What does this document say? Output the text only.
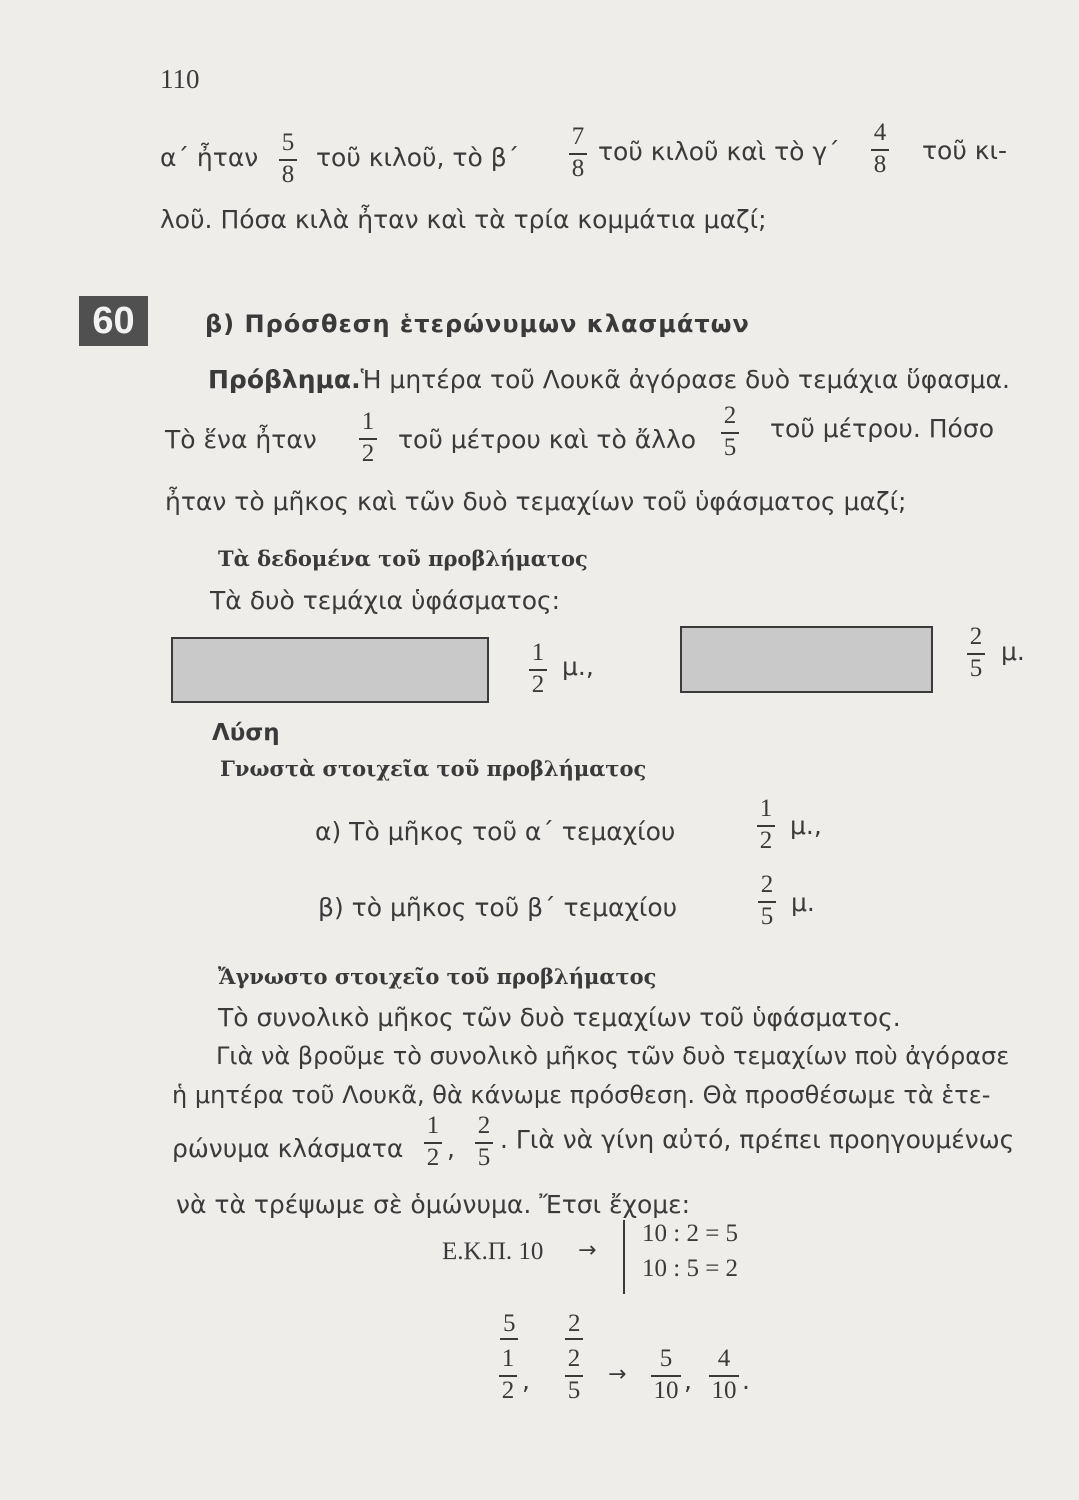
110
α΄ ἦταν
5
8
τοῦ κιλοῦ, τὸ β΄
7
8
τοῦ κιλοῦ καὶ τὸ γ΄
4
8 τοῦ κι-
λοῦ. Πόσα κιλὰ ἦταν καὶ τὰ τρία κομμάτια μαζί;
60	β) Πρόσθεση ἑτερώνυμων κλασμάτων
Πρόβλημα.Ἡ μητέρα τοῦ Λουκᾶ ἀγόρασε δυὸ τεμάχια ὕφασμα.
Τὸ ἕνα ἦταν
1
2 τοῦ μέτρου καὶ τὸ ἄλλο
2
5
τοῦ μέτρου. Πόσο
ἦταν τὸ μῆκος καὶ τῶν δυὸ τεμαχίων τοῦ ὑφάσματος μαζί;
Τὰ δεδομένα τοῦ προβλήματος
Τὰ δυὸ τεμάχια ὑφάσματος:
1
2
μ.,
2
5
μ.
Λύση
Γνωστὰ στοιχεῖα τοῦ προβλήματος
α) Τὸ μῆκος τοῦ α΄ τεμαχίου
1
2
μ.,
β) τὸ μῆκος τοῦ β΄ τεμαχίου
2
5 μ.
Ἄγνωστο στοιχεῖο τοῦ προβλήματος
Τὸ συνολικὸ μῆκος τῶν δυὸ τεμαχίων τοῦ ὑφάσματος.
Γιὰ νὰ βροῦμε τὸ συνολικὸ μῆκος τῶν δυὸ τεμαχίων ποὺ ἀγόρασε
ἡ μητέρα τοῦ Λουκᾶ, θὰ κάνωμε πρόσθεση. Θὰ προσθέσωμε τὰ ἑτε-
ρώνυμα κλάσματα
1
2 ,
2
5
. Γιὰ νὰ γίνη αὐτό, πρέπει προηγουμένως
νὰ τὰ τρέψωμε σὲ ὁμώνυμα. Ἔτσι ἔχομε:
Ε.Κ.Π. 10 →
10 : 2 = 5
10 : 5 = 2
5 2
1
2 ,
2
5
→
5
10 ,
4
10 .
